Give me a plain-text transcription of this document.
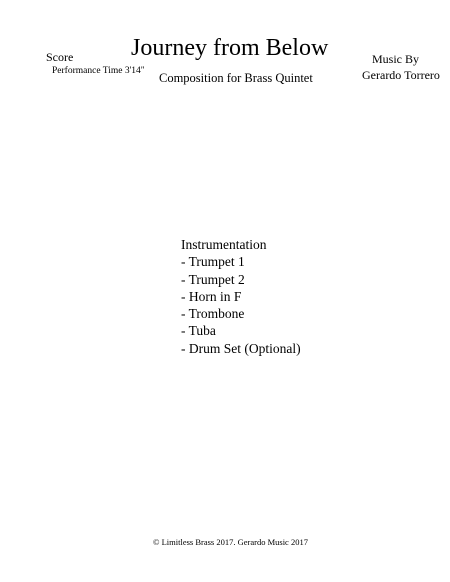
Score
Performance Time 3'14"
Journey from Below
Composition for Brass Quintet
Music By
Gerardo Torrero
Instrumentation
- Trumpet 1
- Trumpet 2
- Horn in F
- Trombone
- Tuba
- Drum Set (Optional)
© Limitless Brass 2017. Gerardo Music 2017
